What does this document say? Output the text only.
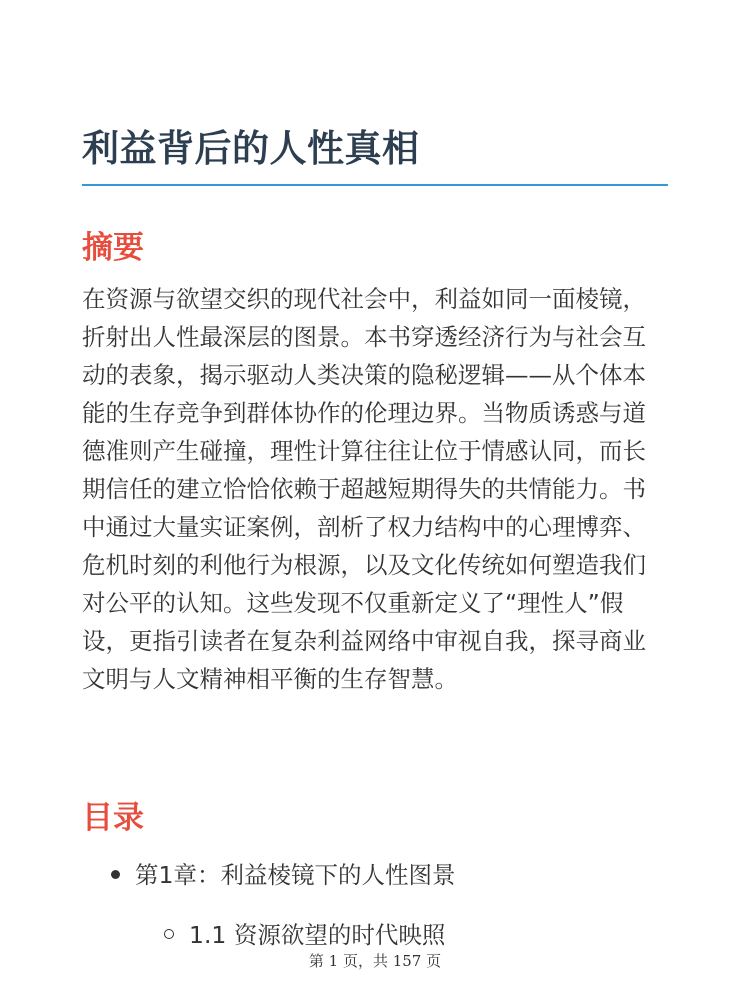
利益背后的人性真相
摘要

在资源与欲望交织的现代社会中，利益如同一面棱镜，折射出人性最深层的图景。本书穿透经济行为与社会互动的表象，揭示驱动人类决策的隐秘逻辑——从个体本能的生存竞争到群体协作的伦理边界。当物质诱惑与道德准则产生碰撞，理性计算往往让位于情感认同，而长期信任的建立恰恰依赖于超越短期得失的共情能力。书中通过大量实证案例，剖析了权力结构中的心理博弈、危机时刻的利他行为根源，以及文化传统如何塑造我们对公平的认知。这些发现不仅重新定义了“理性人”假设，更指引读者在复杂利益网络中审视自我，探寻商业文明与人文精神相平衡的生存智慧。

目录
第1章：利益棱镜下的人性图景
1.1 资源欲望的时代映照
第 1 页，共 157 页
